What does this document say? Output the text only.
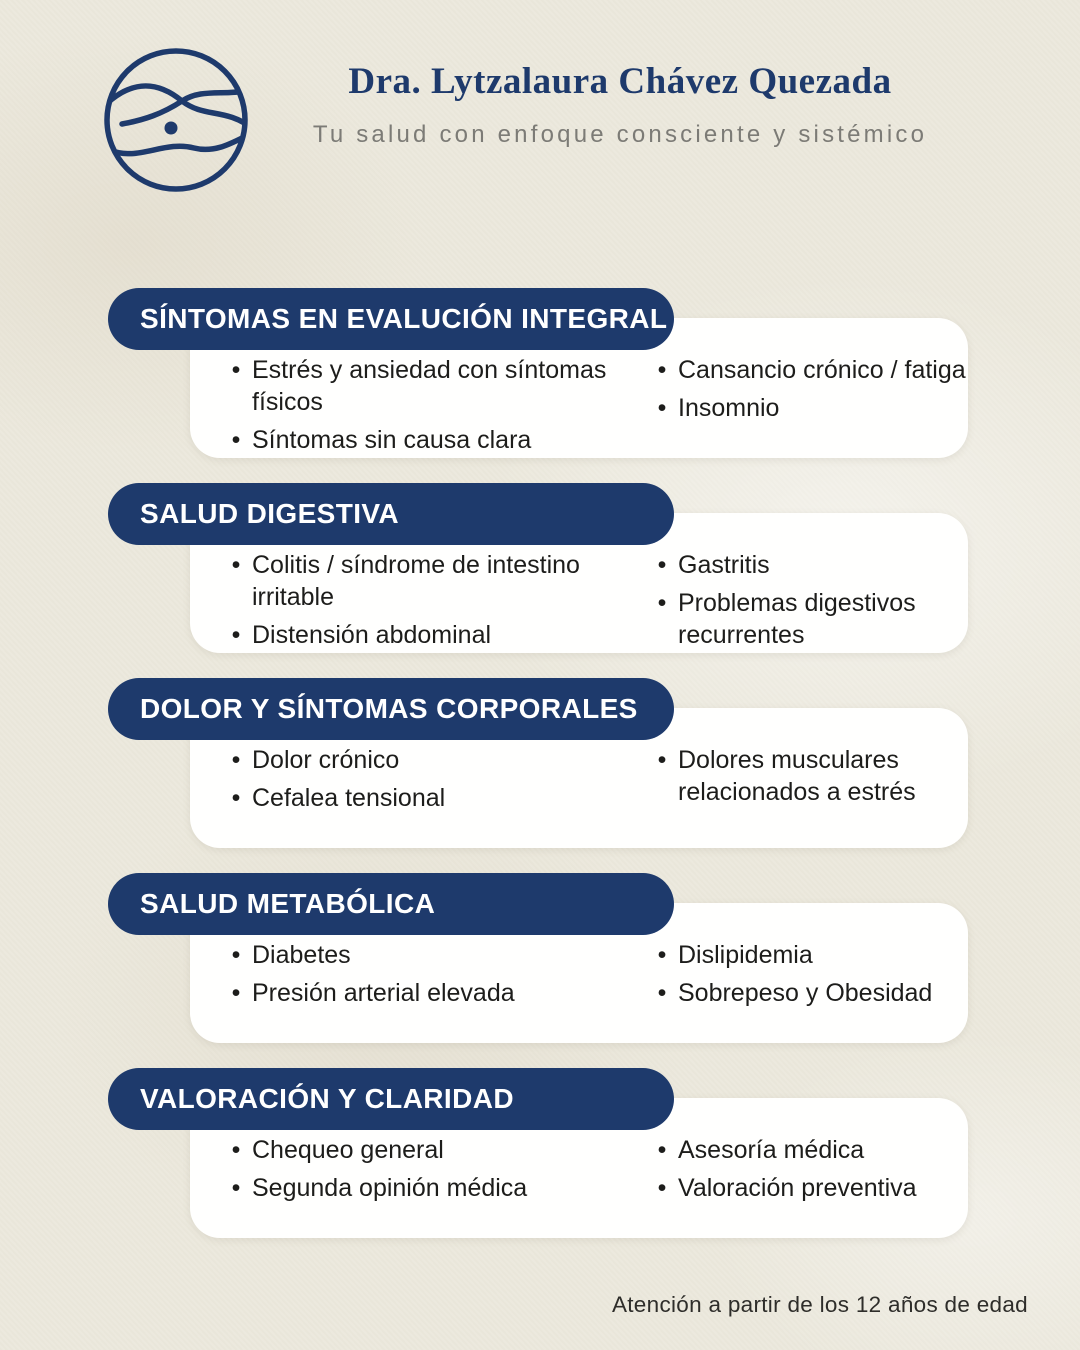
Dra. Lytzalaura Chávez Quezada
Tu salud con enfoque consciente y sistémico
SÍNTOMAS EN EVALUCIÓN INTEGRAL
• Estrés y ansiedad con síntomas físicos
• Síntomas sin causa clara
• Cansancio crónico / fatiga
• Insomnio
SALUD DIGESTIVA
• Colitis / síndrome de intestino irritable
• Distensión abdominal
• Gastritis
• Problemas digestivos recurrentes
DOLOR Y SÍNTOMAS CORPORALES
• Dolor crónico
• Cefalea tensional
• Dolores musculares relacionados a estrés
SALUD METABÓLICA
• Diabetes
• Presión arterial elevada
• Dislipidemia
• Sobrepeso y Obesidad
VALORACIÓN Y CLARIDAD
• Chequeo general
• Segunda opinión médica
• Asesoría médica
• Valoración preventiva
Atención a partir de los 12 años de edad
